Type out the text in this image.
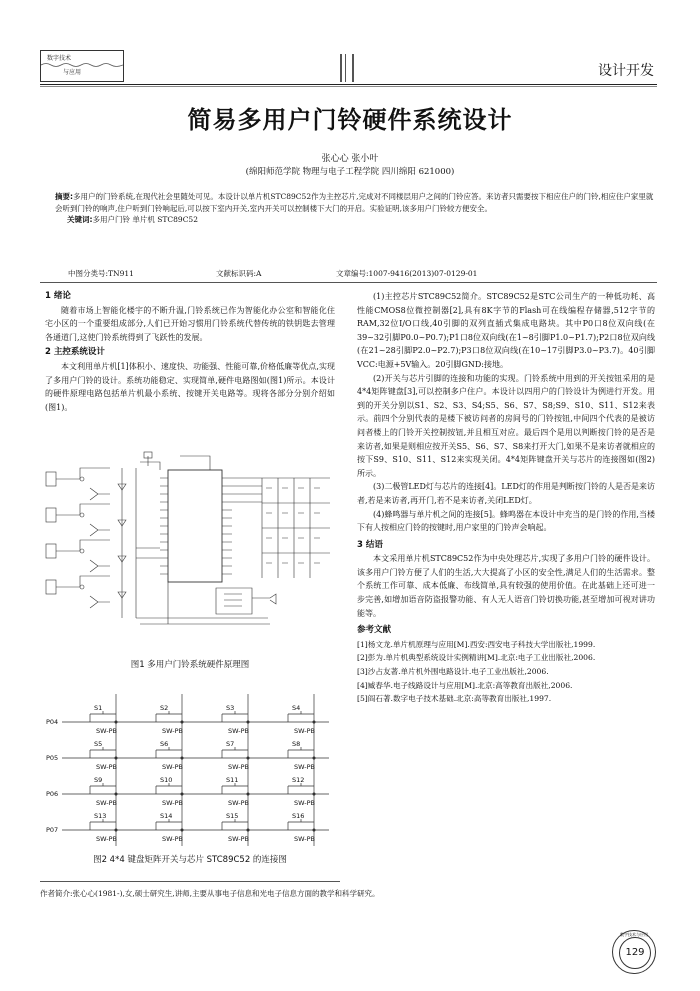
数字技术
与应用	设计开发
简易多用户门铃硬件系统设计
张心心 张小叶
(绵阳师范学院 物理与电子工程学院 四川绵阳 621000)
摘要:多用户的门铃系统,在现代社会里随处可见。本设计以单片机STC89C52作为主控芯片,完成对不同楼层用户之间的门铃应答。来访者只需要按下相应住户的门铃,相应住户家里就会听到门铃的响声,住户听到门铃响起后,可以按下室内开关,室内开关可以控制楼下大门的开启。实验证明,该多用户门铃较方便安全。
关键词:多用户门铃 单片机 STC89C52
中图分类号:TN911	文献标识码:A	文章编号:1007-9416(2013)07-0129-01
1 绪论

随着市场上智能化楼宇的不断升温,门铃系统已作为智能化办公室和智能化住宅小区的一个重要组成部分,人们已开始习惯用门铃系统代替传统的铁钥匙去管理各通道门,这使门铃系统得到了飞跃性的发展。

2 主控系统设计

本文利用单片机[1]体积小、速度快、功能强、性能可靠,价格低廉等优点,实现了多用户门铃的设计。系统功能稳定、实现简单,硬件电路图如(图1)所示。本设计的硬件原理电路包括单片机最小系统、按键开关电路等。现将各部分分别介绍如(图1)。

图1 多用户门铃系统硬件原理图
P04
P05
P06
P07
S1
SW-PB
S2
SW-PB
S3
SW-PB
S4
SW-PB
S5
SW-PB
S6
SW-PB
S7
SW-PB
S8
SW-PB
S9
SW-PB
S10
SW-PB
S11
SW-PB
S12
SW-PB
S13
SW-PB
S14
SW-PB
S15
SW-PB
S16
SW-PB
图2 4*4 键盘矩阵开关与芯片 STC89C52 的连接图

(1)主控芯片STC89C52简介。STC89C52是STC公司生产的一种低功耗、高性能CMOS8位微控制器[2],具有8K字节的Flash可在线编程存储器,512字节的RAM,32位I/O口线,40引脚的双列直插式集成电路块。其中P0口8位双向线(在39~32引脚P0.0~P0.7);P1口8位双向线(在1~8引脚P1.0~P1.7);P2口8位双向线(在21~28引脚P2.0~P2.7);P3口8位双向线(在10~17引脚P3.0~P3.7)。40引脚VCC:电源+5V输入。20引脚GND:接地。

(2)开关与芯片引脚的连接和功能的实现。门铃系统中用到的开关按钮采用的是4*4矩阵键盘[3],可以控制多户住户。本设计以四用户的门铃设计为例进行开发。用到的开关分别以S1、S2、S3、S4;S5、S6、S7、S8;S9、S10、S11、S12来表示。前四个分别代表的是楼下被访问者的房间号的门铃按钮,中间四个代表的是被访问者楼上的门铃开关控制按钮,并且相互对应。最后四个是用以判断按门铃的是否是来访者,如果是则相应按开关S5、S6、S7、S8来打开大门,如果不是来访者就相应的按下S9、S10、S11、S12来实现关闭。4*4矩阵键盘开关与芯片的连接图如(图2)所示。

(3)二极管LED灯与芯片的连接[4]。LED灯的作用是判断按门铃的人是否是来访者,若是来访者,再开门,若不是来访者,关闭LED灯。

(4)蜂鸣器与单片机之间的连接[5]。蜂鸣器在本设计中充当的是门铃的作用,当楼下有人按相应门铃的按键时,用户家里的门铃声会响起。

3 结语

本文采用单片机STC89C52作为中央处理芯片,实现了多用户门铃的硬件设计。该多用户门铃方便了人们的生活,大大提高了小区的安全性,满足人们的生活需求。整个系统工作可靠、成本低廉、布线简单,具有较强的使用价值。在此基础上还可进一步完善,如增加语音防盗报警功能、有人无人语音门铃切换功能,甚至增加可视对讲功能等。

参考文献
[1]杨文龙.单片机原理与应用[M].西安:西安电子科技大学出版社,1999.
[2]彭为.单片机典型系统设计实例精讲[M].北京:电子工业出版社,2006.
[3]沙占友著.单片机外围电路设计.电子工业出版社,2006.
[4]臧春华.电子线路设计与应用[M].北京:高等教育出版社,2006.
[5]阎石著.数字电子技术基础.北京:高等教育出版社,1997.
作者简介:张心心(1981-),女,硕士研究生,讲师,主要从事电子信息和光电子信息方面的教学和科学研究。
数字技术与应用
129
